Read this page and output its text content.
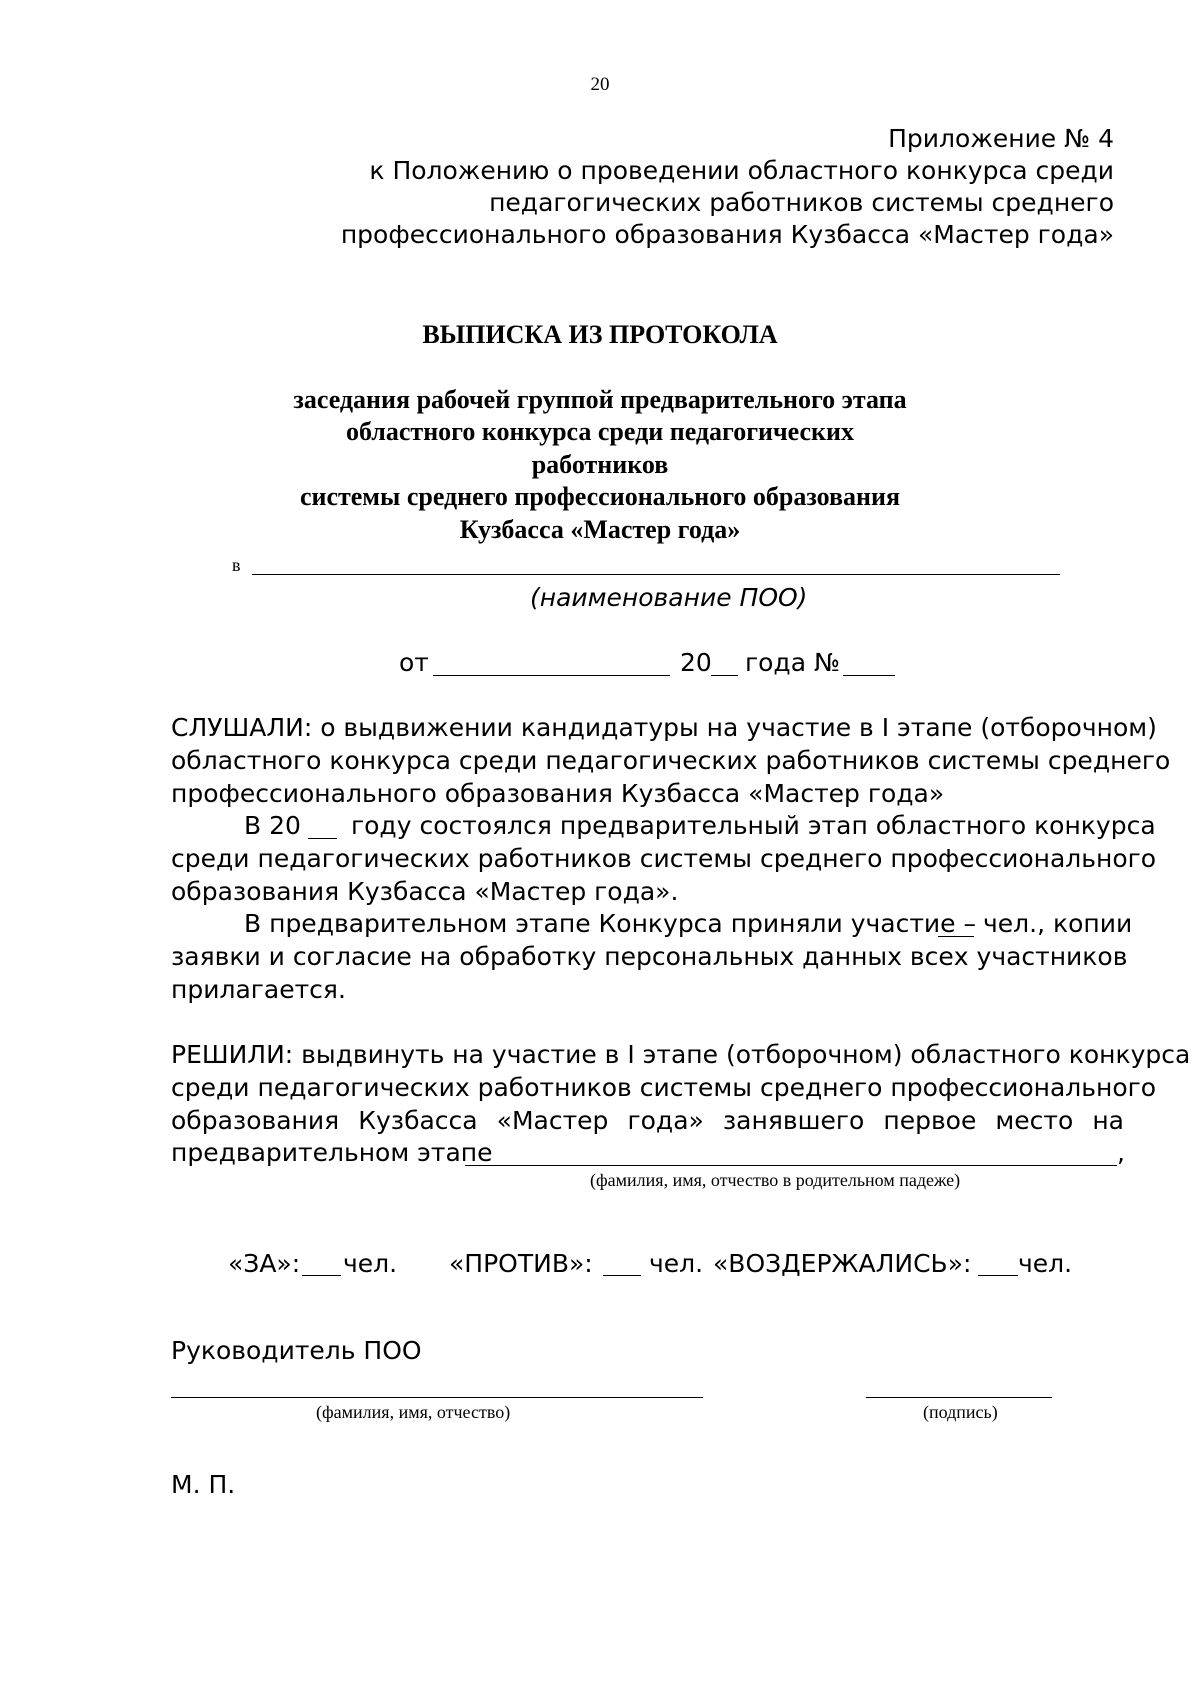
20
Приложение № 4
к Положению о проведении областного конкурса среди
педагогических работников системы среднего
профессионального образования Кузбасса «Мастер года»
ВЫПИСКА ИЗ ПРОТОКОЛА
заседания рабочей группой предварительного этапа
областного конкурса среди педагогических
работников
системы среднего профессионального образования
Кузбасса «Мастер года»
в
(наименование ПОО)
от	20 года №
СЛУШАЛИ: о выдвижении кандидатуры на участие в I этапе (отборочном)
областного конкурса среди педагогических работников системы среднего
профессионального образования Кузбасса «Мастер года»
В 20 году состоялся предварительный этап областного конкурса
среди педагогических работников системы среднего профессионального
образования Кузбасса «Мастер года».
В предварительном этапе Конкурса приняли участие – чел., копии
заявки и согласие на обработку персональных данных всех участников
прилагается.
РЕШИЛИ: выдвинуть на участие в I этапе (отборочном) областного конкурса
среди педагогических работников системы среднего профессионального
образования Кузбасса «Мастер года» занявшего первое место на
предварительном этапе	,
(фамилия, имя, отчество в родительном падеже)
«ЗА»: чел. «ПРОТИВ»: чел. «ВОЗДЕРЖАЛИСЬ»: чел.
Руководитель ПОО
(фамилия, имя, отчество)	(подпись)
М. П.
